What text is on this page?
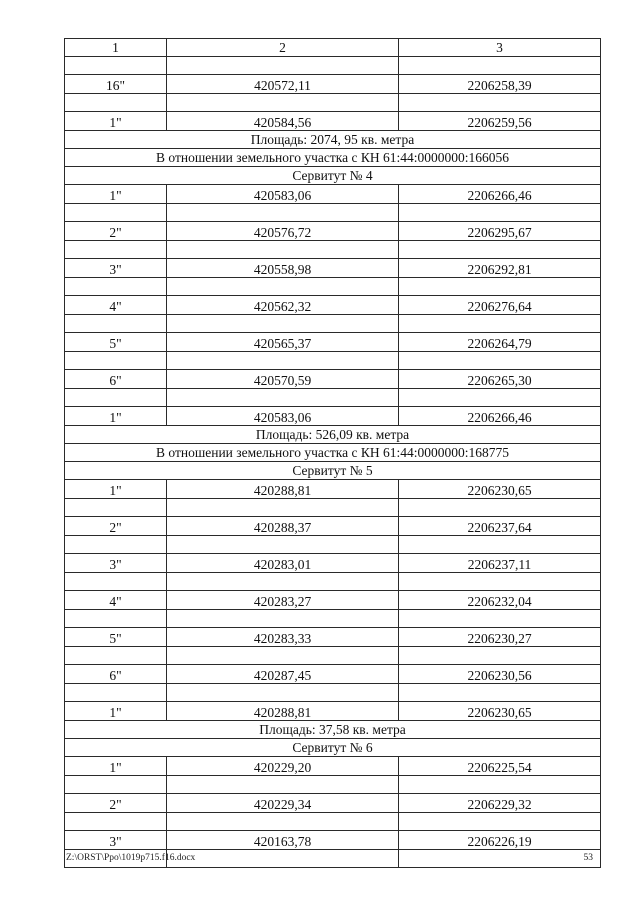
1	2	3

16"	420572,11	2206258,39

1"	420584,56	2206259,56
Площадь: 2074, 95 кв. метра		
В отношении земельного участка с КН 61:44:0000000:166056		
Сервитут № 4		
1"	420583,06	2206266,46

2"	420576,72	2206295,67

3"	420558,98	2206292,81

4"	420562,32	2206276,64

5"	420565,37	2206264,79

6"	420570,59	2206265,30

1"	420583,06	2206266,46
Площадь: 526,09 кв. метра		
В отношении земельного участка с КН 61:44:0000000:168775		
Сервитут № 5		
1"	420288,81	2206230,65

2"	420288,37	2206237,64

3"	420283,01	2206237,11

4"	420283,27	2206232,04

5"	420283,33	2206230,27

6"	420287,45	2206230,56

1"	420288,81	2206230,65
Площадь: 37,58 кв. метра		
Сервитут № 6		
1"	420229,20	2206225,54

2"	420229,34	2206229,32

3"	420163,78	2206226,19

Z:\ORST\Ppo\1019p715.f16.docx	53
